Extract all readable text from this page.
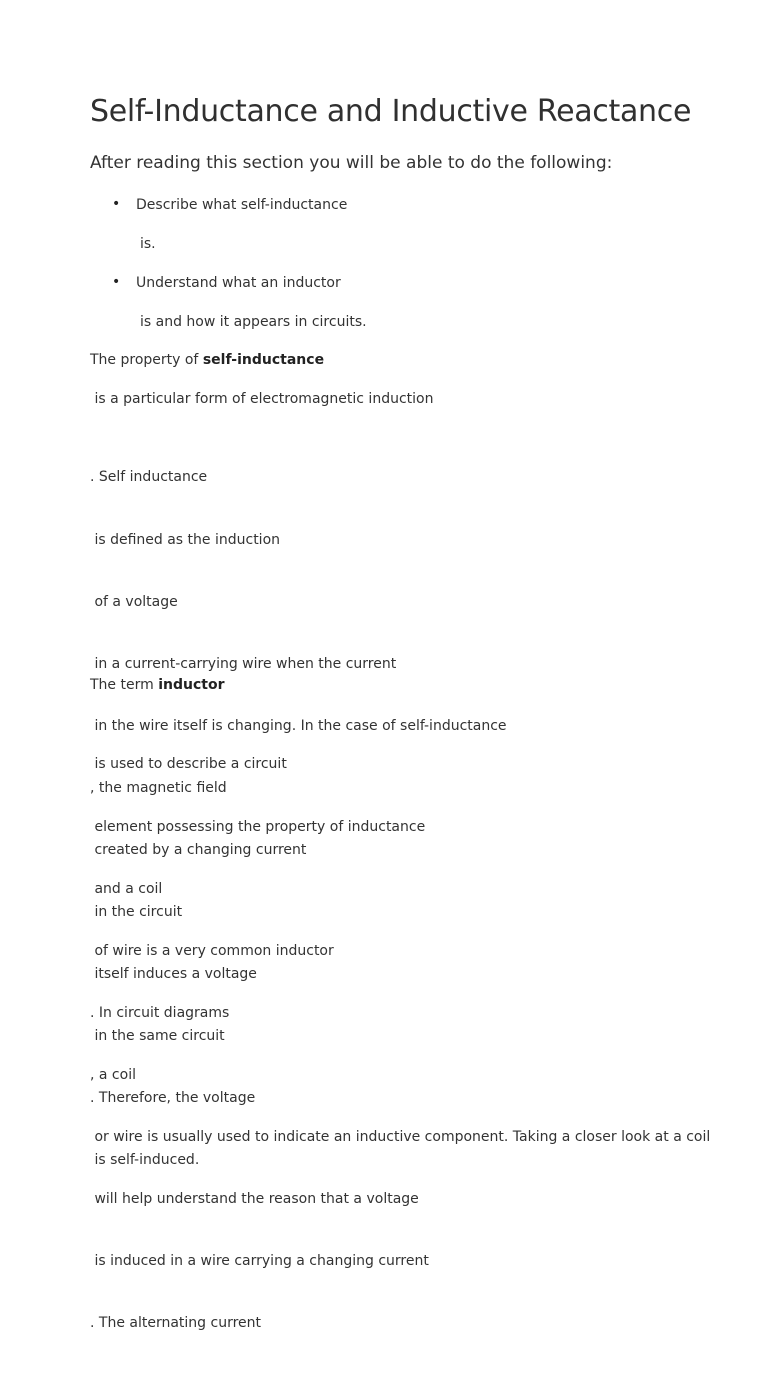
Self-Inductance and Inductive Reactance

After reading this section you will be able to do the following:

• Describe what self-inductance
is.
• Understand what an inductor
is and how it appears in circuits.
The property of self-inductance
is a particular form of electromagnetic induction

. Self inductance

is defined as the induction

of a voltage

in a current-carrying wire when the current

in the wire itself is changing. In the case of self-inductance

, the magnetic field

created by a changing current

in the circuit

itself induces a voltage

in the same circuit

. Therefore, the voltage

is self-induced.

The term inductor

is used to describe a circuit

element possessing the property of inductance

and a coil

of wire is a very common inductor

. In circuit diagrams

, a coil

or wire is usually used to indicate an inductive component. Taking a closer look at a coil

will help understand the reason that a voltage

is induced in a wire carrying a changing current

. The alternating current
